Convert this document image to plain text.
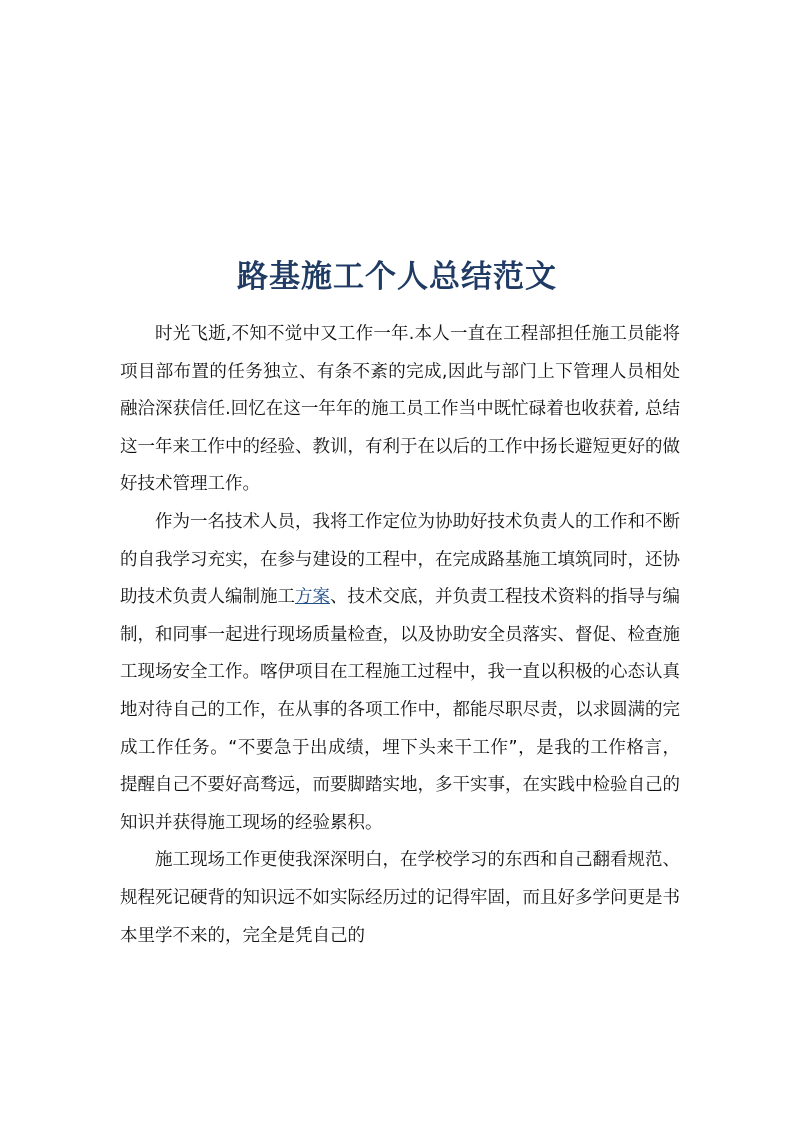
路基施工个人总结范文

时光飞逝,不知不觉中又工作一年.本人一直在工程部担任施工员能将项目部布置的任务独立、有条不紊的完成,因此与部门上下管理人员相处融洽深获信任.回忆在这一年年的施工员工作当中既忙碌着也收获着, 总结这一年来工作中的经验、教训，有利于在以后的工作中扬长避短更好的做好技术管理工作。

作为一名技术人员，我将工作定位为协助好技术负责人的工作和不断的自我学习充实，在参与建设的工程中，在完成路基施工填筑同时，还协助技术负责人编制施工方案、技术交底，并负责工程技术资料的指导与编制，和同事一起进行现场质量检查，以及协助安全员落实、督促、检查施工现场安全工作。喀伊项目在工程施工过程中，我一直以积极的心态认真地对待自己的工作，在从事的各项工作中，都能尽职尽责，以求圆满的完成工作任务。“不要急于出成绩，埋下头来干工作”，是我的工作格言，提醒自己不要好高骛远，而要脚踏实地，多干实事，在实践中检验自己的知识并获得施工现场的经验累积。

施工现场工作更使我深深明白，在学校学习的东西和自己翻看规范、规程死记硬背的知识远不如实际经历过的记得牢固，而且好多学问更是书本里学不来的，完全是凭自己的
